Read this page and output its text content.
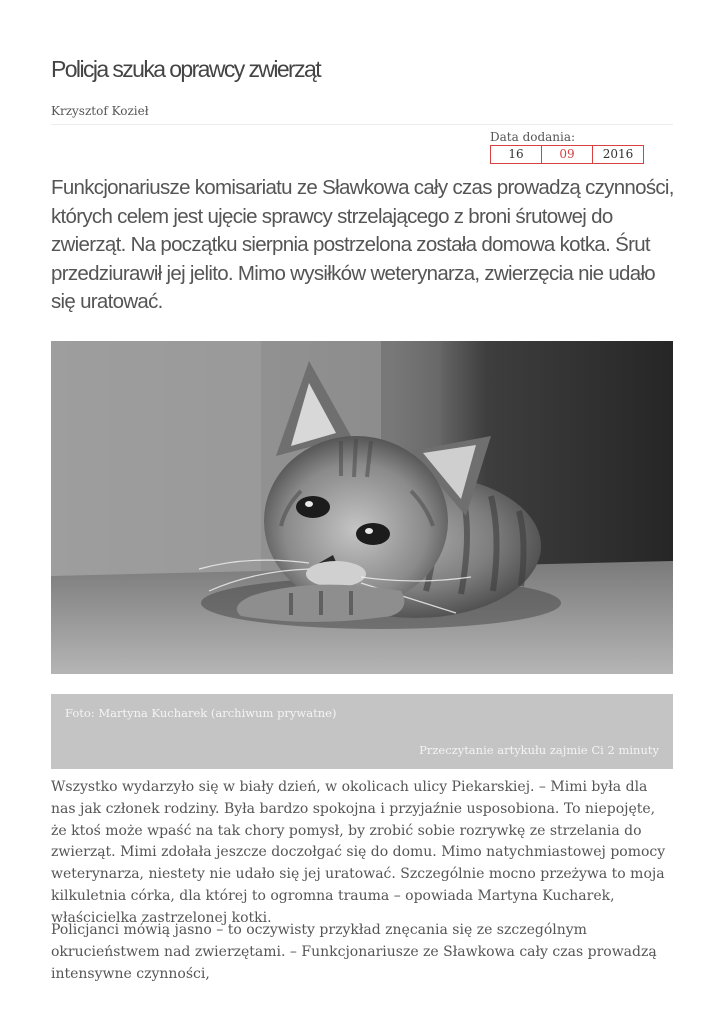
Policja szuka oprawcy zwierząt
Krzysztof Kozieł
Data dodania:
16	09	2016

Funkcjonariusze komisariatu ze Sławkowa cały czas prowadzą czynności, których celem jest ujęcie sprawcy strzelającego z broni śrutowej do zwierząt. Na początku sierpnia postrzelona została domowa kotka. Śrut przedziurawił jej jelito. Mimo wysiłków weterynarza, zwierzęcia nie udało się uratować.

Foto: Martyna Kucharek (archiwum prywatne)
Przeczytanie artykułu zajmie Ci 2 minuty

Wszystko wydarzyło się w biały dzień, w okolicach ulicy Piekarskiej. – Mimi była dla nas jak członek rodziny. Była bardzo spokojna i przyjaźnie usposobiona. To niepojęte, że ktoś może wpaść na tak chory pomysł, by zrobić sobie rozrywkę ze strzelania do zwierząt. Mimi zdołała jeszcze doczołgać się do domu. Mimo natychmiastowej pomocy weterynarza, niestety nie udało się jej uratować. Szczególnie mocno przeżywa to moja kilkuletnia córka, dla której to ogromna trauma – opowiada Martyna Kucharek, właścicielka zastrzelonej kotki.

Policjanci mówią jasno – to oczywisty przykład znęcania się ze szczególnym okrucieństwem nad zwierzętami. – Funkcjonariusze ze Sławkowa cały czas prowadzą intensywne czynności,
